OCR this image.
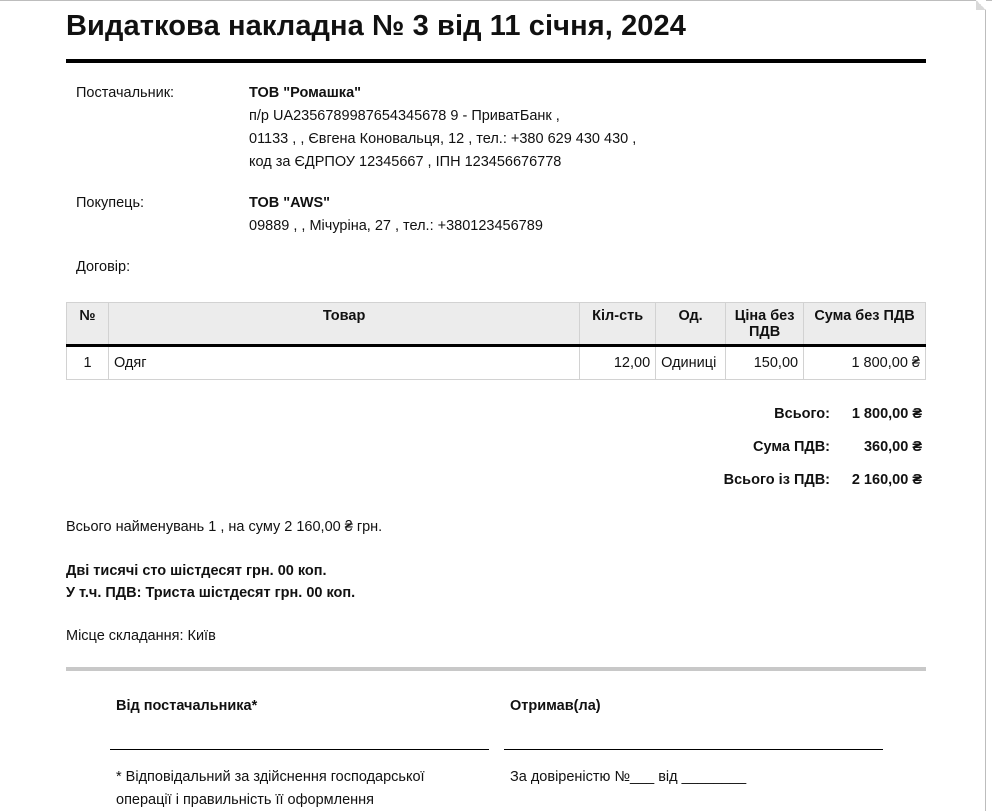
Видаткова накладна № 3 від 11 січня, 2024
Постачальник:	ТОВ "Ромашка"
п/р UA2356789987654345678 9 - ПриватБанк ,
01133 , , Євгена Коновальця, 12 , тел.: +380 629 430 430 ,
код за ЄДРПОУ 12345667 , ІПН 123456676778
Покупець:	ТОВ "AWS"
09889 , , Мічуріна, 27 , тел.: +380123456789
Договір:
№	Товар	Кіл-сть	Од.	Ціна без ПДВ	Сума без ПДВ
1	Одяг	12,00	Одиниці	150,00	1 800,00 ₴
Всього: 1 800,00 ₴
Сума ПДВ: 360,00 ₴
Всього із ПДВ: 2 160,00 ₴
Всього найменувань 1 , на суму 2 160,00 ₴ грн.
Дві тисячі сто шістдесят грн. 00 коп.
У т.ч. ПДВ: Триста шістдесят грн. 00 коп.
Місце складання: Київ
Від постачальника*	Отримав(ла)
* Відповідальний за здійснення господарської
операції і правильність її оформлення
За довіреністю №___ від ________
